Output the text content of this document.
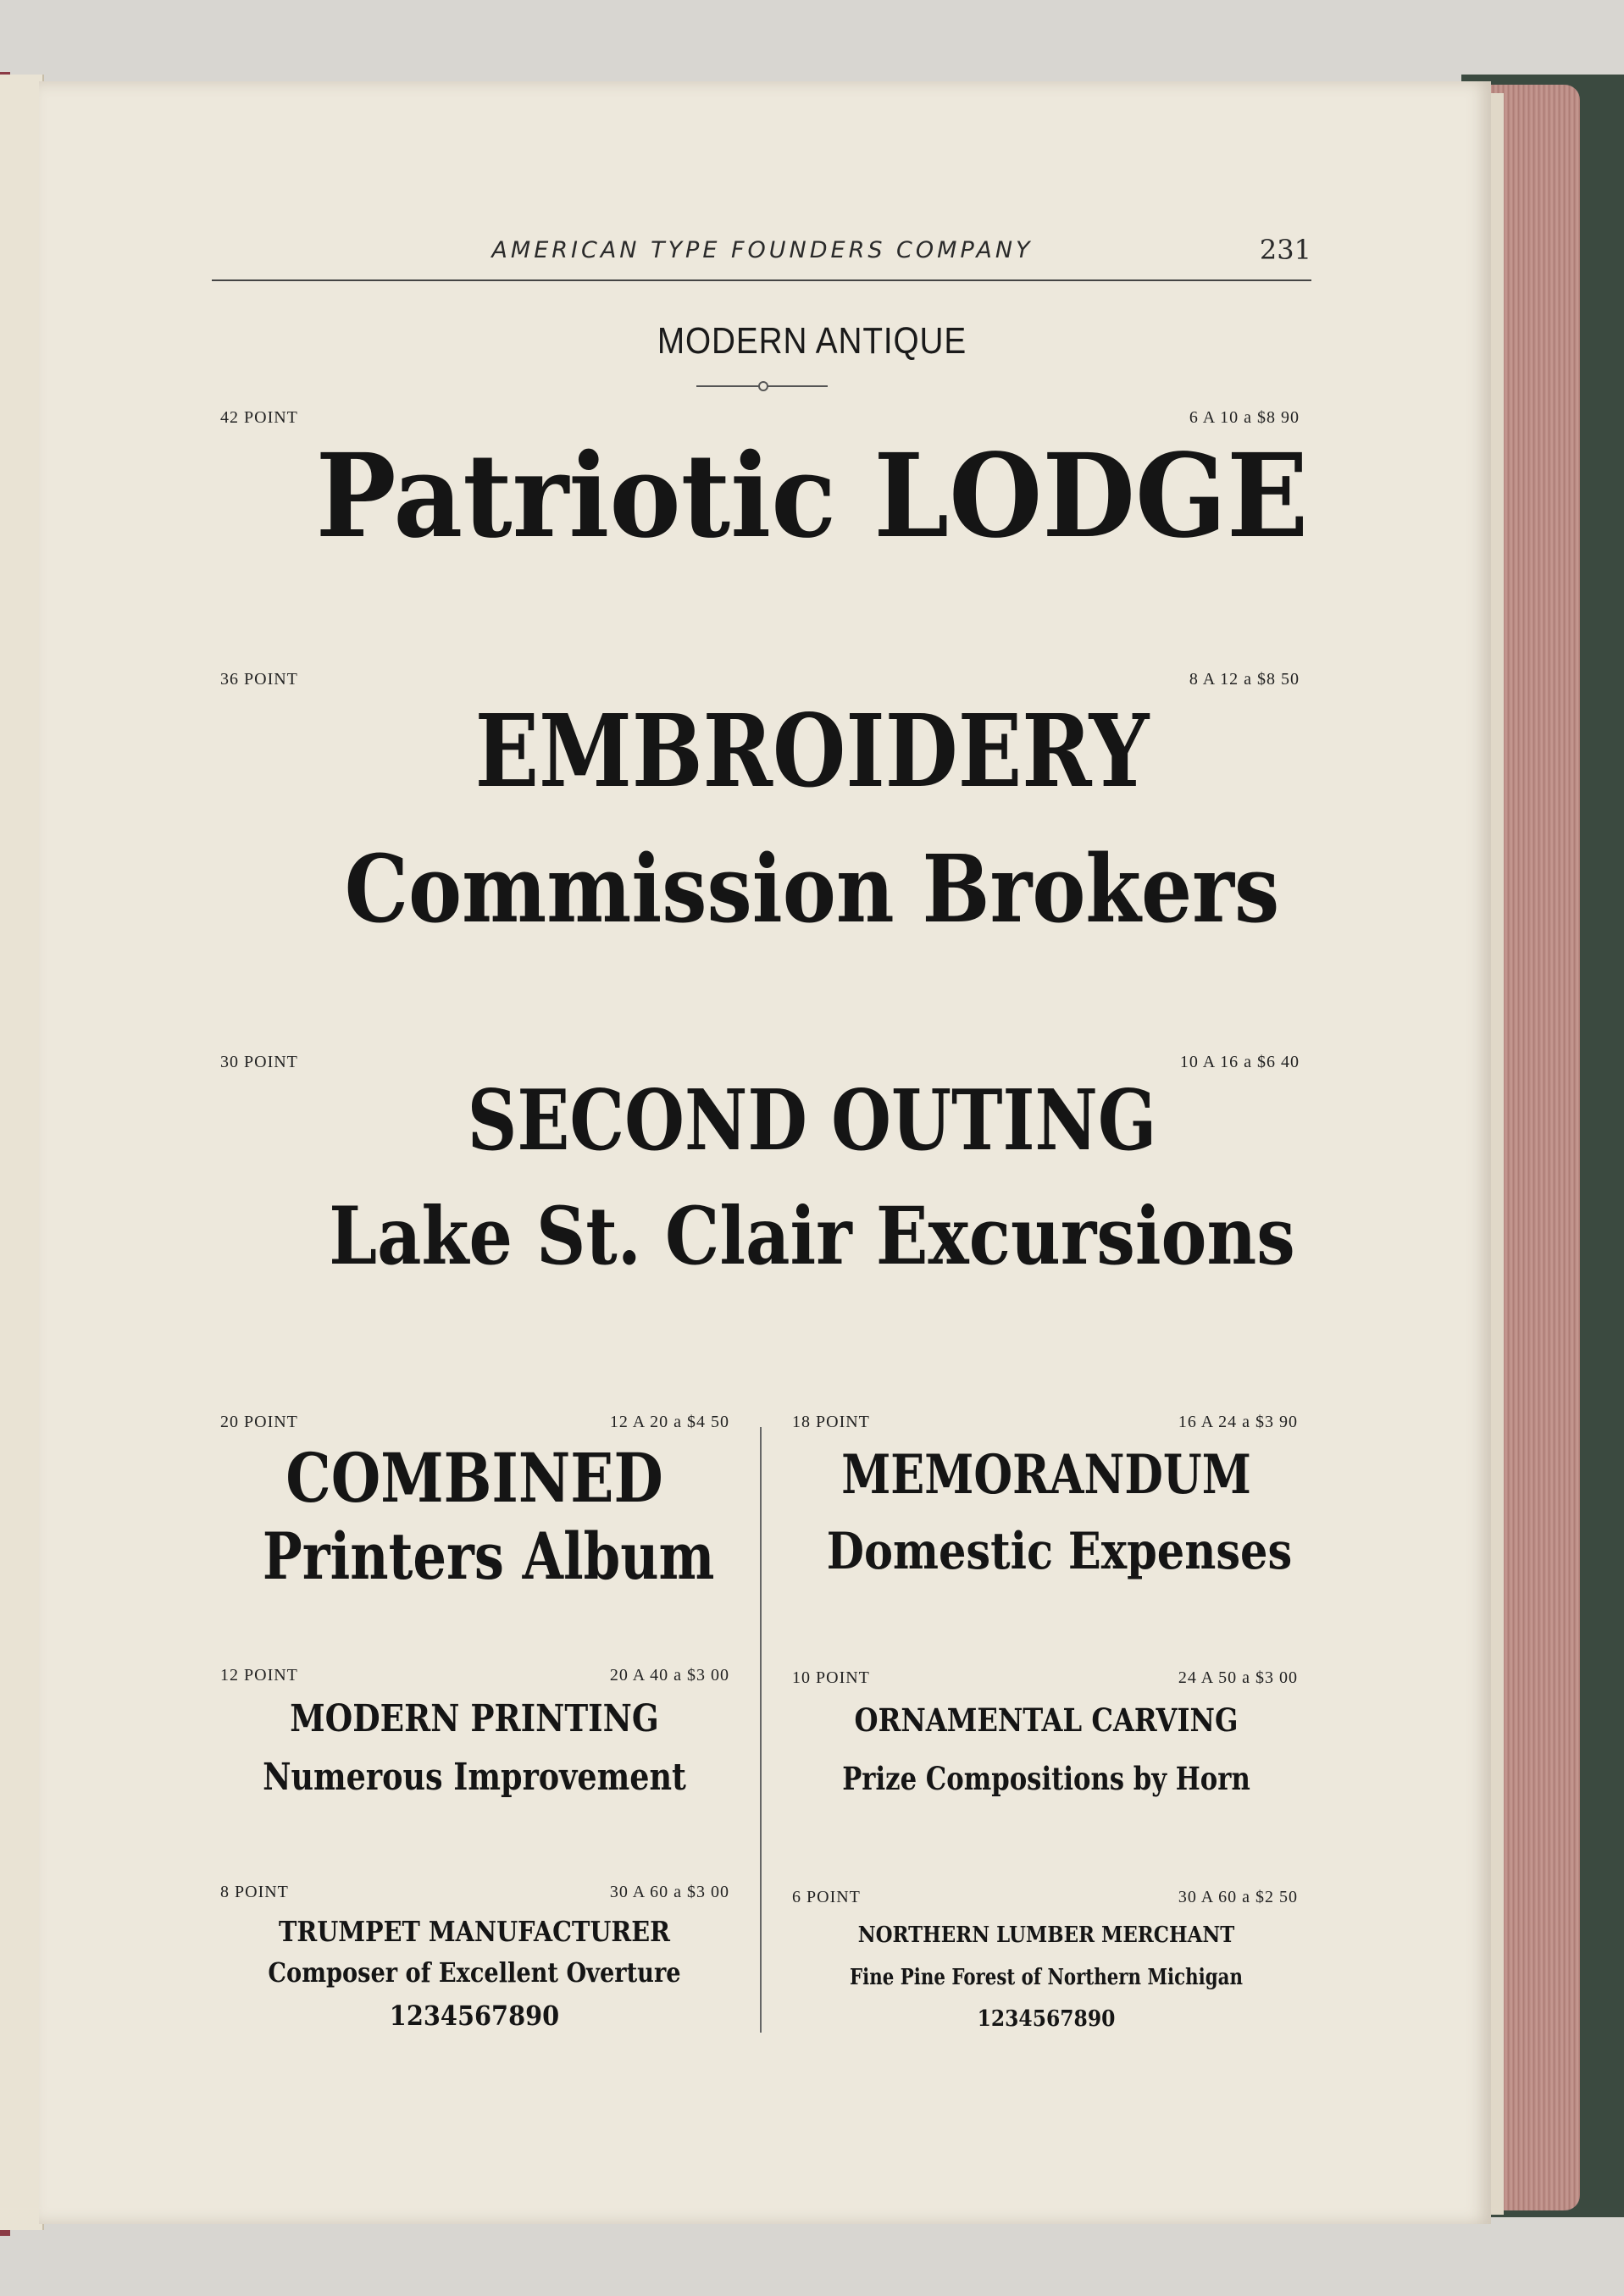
AMERICAN TYPE FOUNDERS COMPANY	231
MODERN ANTIQUE
42 POINT	6 A 10 a $8 90
Patriotic LODGE
36 POINT	8 A 12 a $8 50
EMBROIDERY
Commission Brokers
30 POINT	10 A 16 a $6 40
SECOND OUTING
Lake St. Clair Excursions
20 POINT	12 A 20 a $4 50
COMBINED
Printers Album
18 POINT	16 A 24 a $3 90
MEMORANDUM
Domestic Expenses
12 POINT	20 A 40 a $3 00
MODERN PRINTING
Numerous Improvement
10 POINT	24 A 50 a $3 00
ORNAMENTAL CARVING
Prize Compositions by Horn
8 POINT	30 A 60 a $3 00
TRUMPET MANUFACTURER
Composer of Excellent Overture
1234567890
6 POINT	30 A 60 a $2 50
NORTHERN LUMBER MERCHANT
Fine Pine Forest of Northern Michigan
1234567890
